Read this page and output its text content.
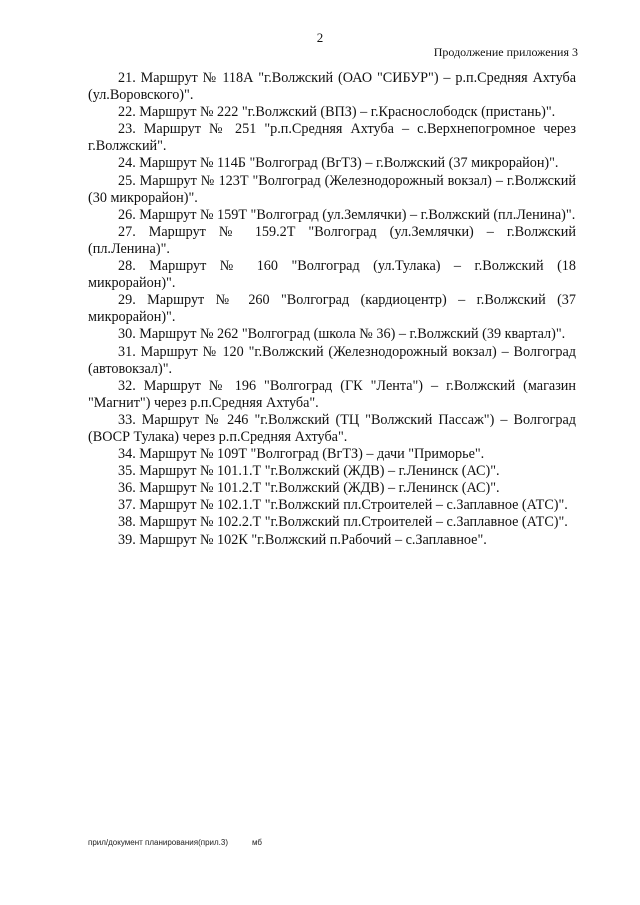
2
Продолжение приложения 3

21. Маршрут № 118А "г.Волжский (ОАО "СИБУР") – р.п.Средняя Ахтуба (ул.Воровского)".

22. Маршрут № 222 "г.Волжский (ВПЗ) – г.Краснослободск (пристань)".

23. Маршрут № 251 "р.п.Средняя Ахтуба – с.Верхнепогромное через г.Волжский".

24. Маршрут № 114Б "Волгоград (ВгТЗ) – г.Волжский (37 микрорайон)".

25. Маршрут № 123Т "Волгоград (Железнодорожный вокзал) – г.Волжский (30 микрорайон)".

26. Маршрут № 159Т "Волгоград (ул.Землячки) – г.Волжский (пл.Ленина)".

27. Маршрут № 159.2Т "Волгоград (ул.Землячки) – г.Волжский (пл.Ленина)".

28. Маршрут № 160 "Волгоград (ул.Тулака) – г.Волжский (18 микрорайон)".

29. Маршрут № 260 "Волгоград (кардиоцентр) – г.Волжский (37 микрорайон)".

30. Маршрут № 262 "Волгоград (школа № 36) – г.Волжский (39 квартал)".

31. Маршрут № 120 "г.Волжский (Железнодорожный вокзал) – Волгоград (автовокзал)".

32. Маршрут № 196 "Волгоград (ГК "Лента") – г.Волжский (магазин "Магнит") через р.п.Средняя Ахтуба".

33. Маршрут № 246 "г.Волжский (ТЦ "Волжский Пассаж") – Волгоград (ВОСР Тулака) через р.п.Средняя Ахтуба".

34. Маршрут № 109Т "Волгоград (ВгТЗ) – дачи "Приморье".

35. Маршрут № 101.1.Т "г.Волжский (ЖДВ) – г.Ленинск (АС)".

36. Маршрут № 101.2.Т "г.Волжский (ЖДВ) – г.Ленинск (АС)".

37. Маршрут № 102.1.Т "г.Волжский пл.Строителей – с.Заплавное (АТС)".

38. Маршрут № 102.2.Т "г.Волжский пл.Строителей – с.Заплавное (АТС)".

39. Маршрут № 102К "г.Волжский п.Рабочий – с.Заплавное".

прил/документ планирования(прил.3)	мб
